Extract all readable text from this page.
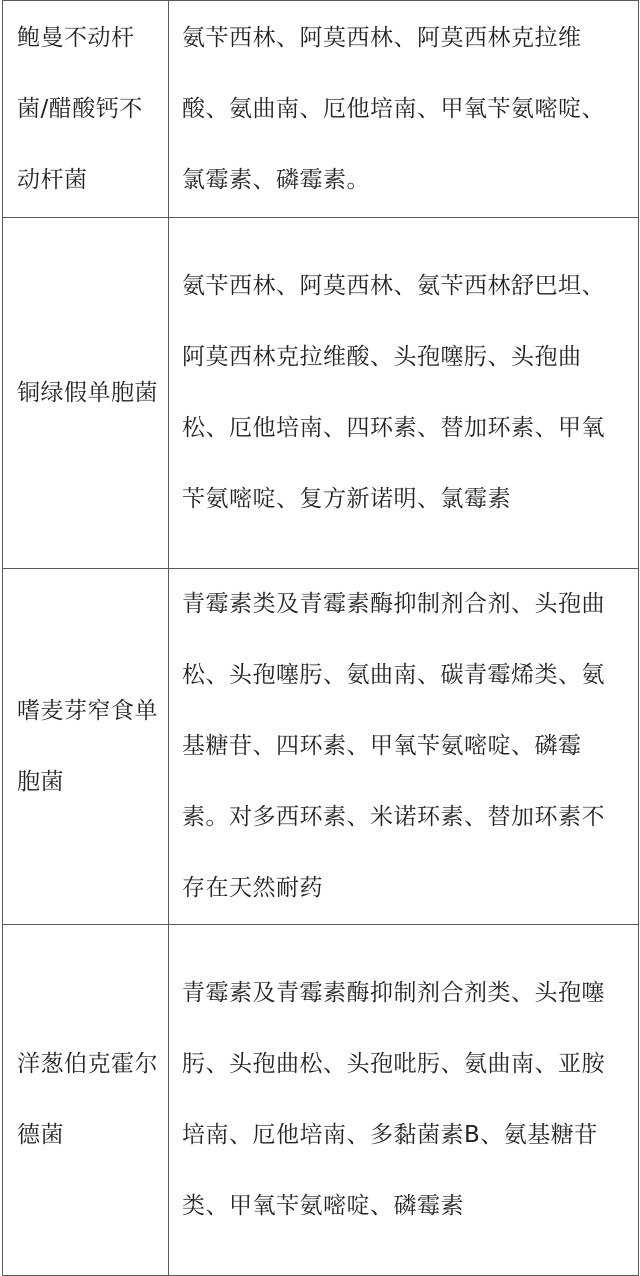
鲍曼不动杆菌/醋酸钙不动杆菌	氨苄西林、阿莫西林、阿莫西林克拉维酸、氨曲南、厄他培南、甲氧苄氨嘧啶、氯霉素、磷霉素。
铜绿假单胞菌	氨苄西林、阿莫西林、氨苄西林舒巴坦、阿莫西林克拉维酸、头孢噻肟、头孢曲松、厄他培南、四环素、替加环素、甲氧苄氨嘧啶、复方新诺明、氯霉素
嗜麦芽窄食单胞菌	青霉素类及青霉素酶抑制剂合剂、头孢曲松、头孢噻肟、氨曲南、碳青霉烯类、氨基糖苷、四环素、甲氧苄氨嘧啶、磷霉素。对多西环素、米诺环素、替加环素不存在天然耐药
洋葱伯克霍尔德菌	青霉素及青霉素酶抑制剂合剂类、头孢噻肟、头孢曲松、头孢吡肟、氨曲南、亚胺培南、厄他培南、多黏菌素B、氨基糖苷类、甲氧苄氨嘧啶、磷霉素
